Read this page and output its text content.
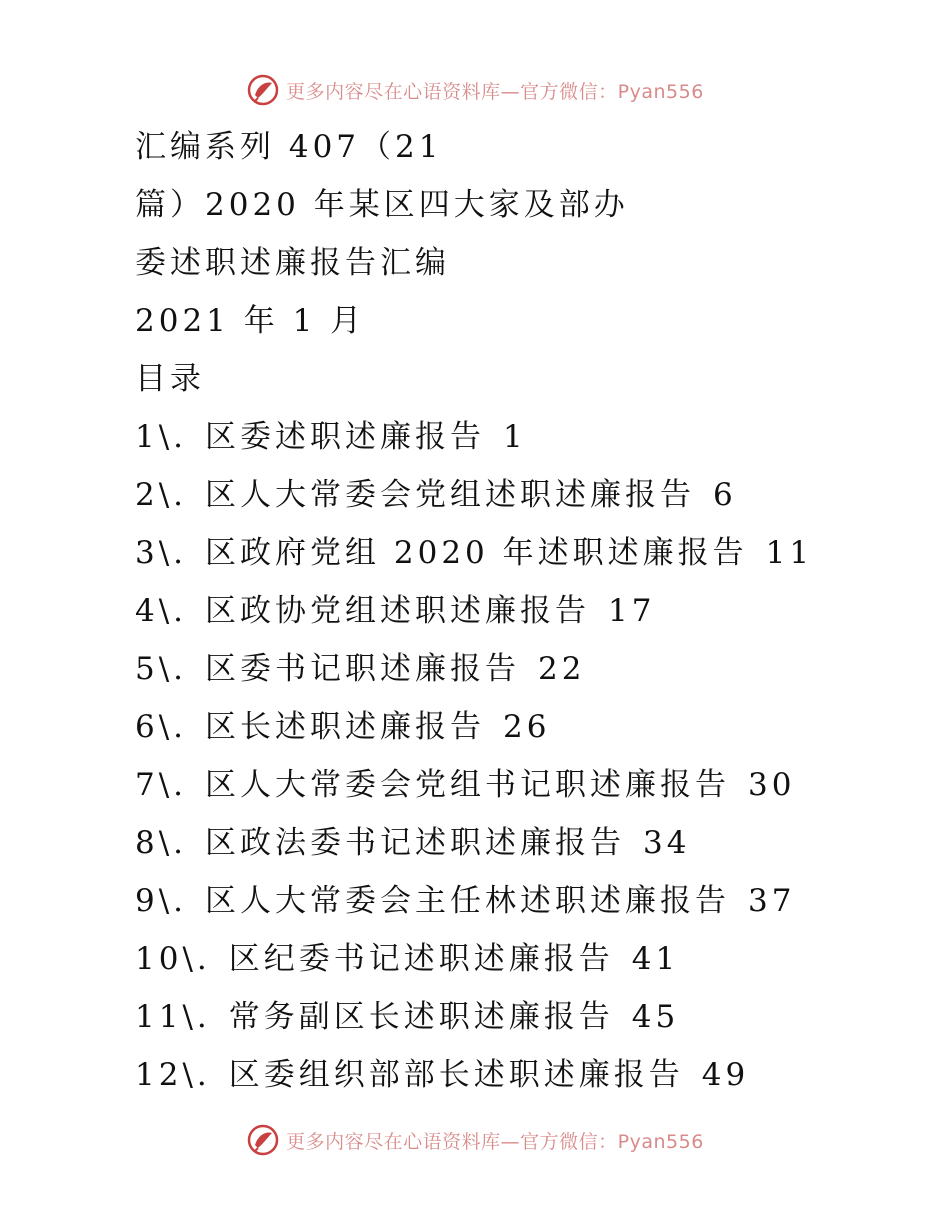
更多内容尽在心语资料库—官方微信：Pyan556
汇编系列 407（21
篇）2020 年某区四大家及部办
委述职述廉报告汇编
2021 年 1 月
目录
1\. 区委述职述廉报告 1
2\. 区人大常委会党组述职述廉报告 6
3\. 区政府党组 2020 年述职述廉报告 11
4\. 区政协党组述职述廉报告 17
5\. 区委书记职述廉报告 22
6\. 区长述职述廉报告 26
7\. 区人大常委会党组书记职述廉报告 30
8\. 区政法委书记述职述廉报告 34
9\. 区人大常委会主任林述职述廉报告 37
10\. 区纪委书记述职述廉报告 41
11\. 常务副区长述职述廉报告 45
12\. 区委组织部部长述职述廉报告 49
更多内容尽在心语资料库—官方微信：Pyan556
